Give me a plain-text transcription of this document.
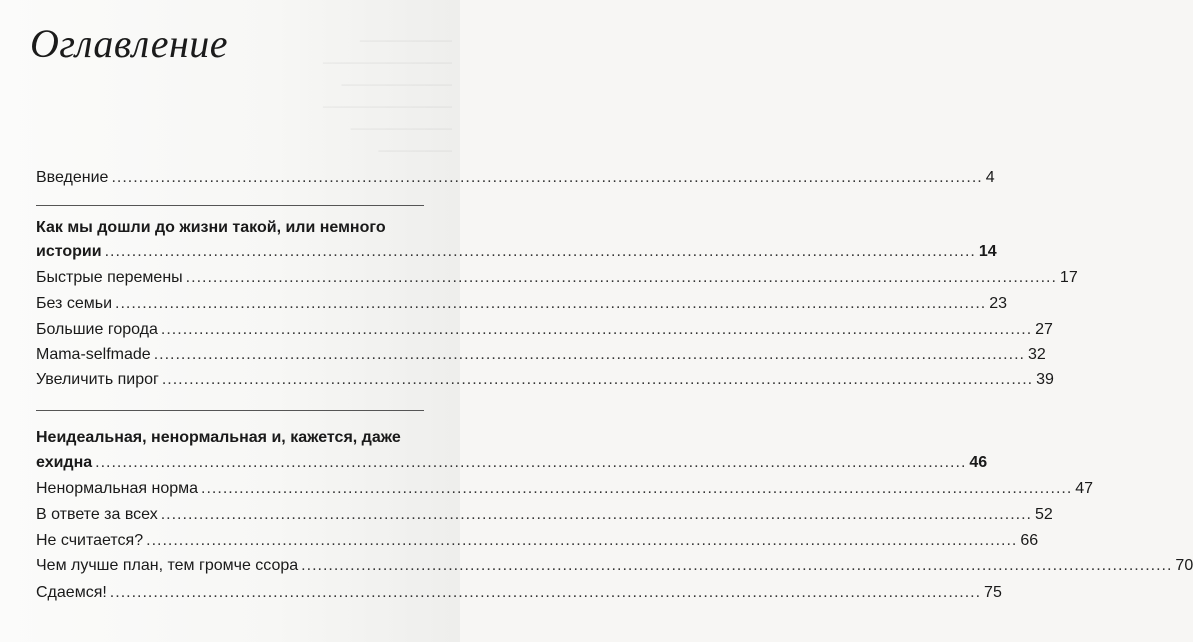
──────────
──────────────
────────────
──────────────
───────────
────────
Оглавление
Введение ................................................................................................................................................................ 4
Как мы дошли до жизни такой, или немного
истории ................................................................................................................................................................ 14
Быстрые перемены ................................................................................................................................................................ 17
Без семьи ................................................................................................................................................................ 23
Большие города ................................................................................................................................................................ 27
Mama-selfmade ................................................................................................................................................................ 32
Увеличить пирог ................................................................................................................................................................ 39
Неидеальная, ненормальная и, кажется, даже
ехидна ................................................................................................................................................................ 46
Ненормальная норма ................................................................................................................................................................ 47
В ответе за всех ................................................................................................................................................................ 52
Не считается? ................................................................................................................................................................ 66
Чем лучше план, тем громче ссора ................................................................................................................................................................ 70
Сдаемся! ................................................................................................................................................................ 75
